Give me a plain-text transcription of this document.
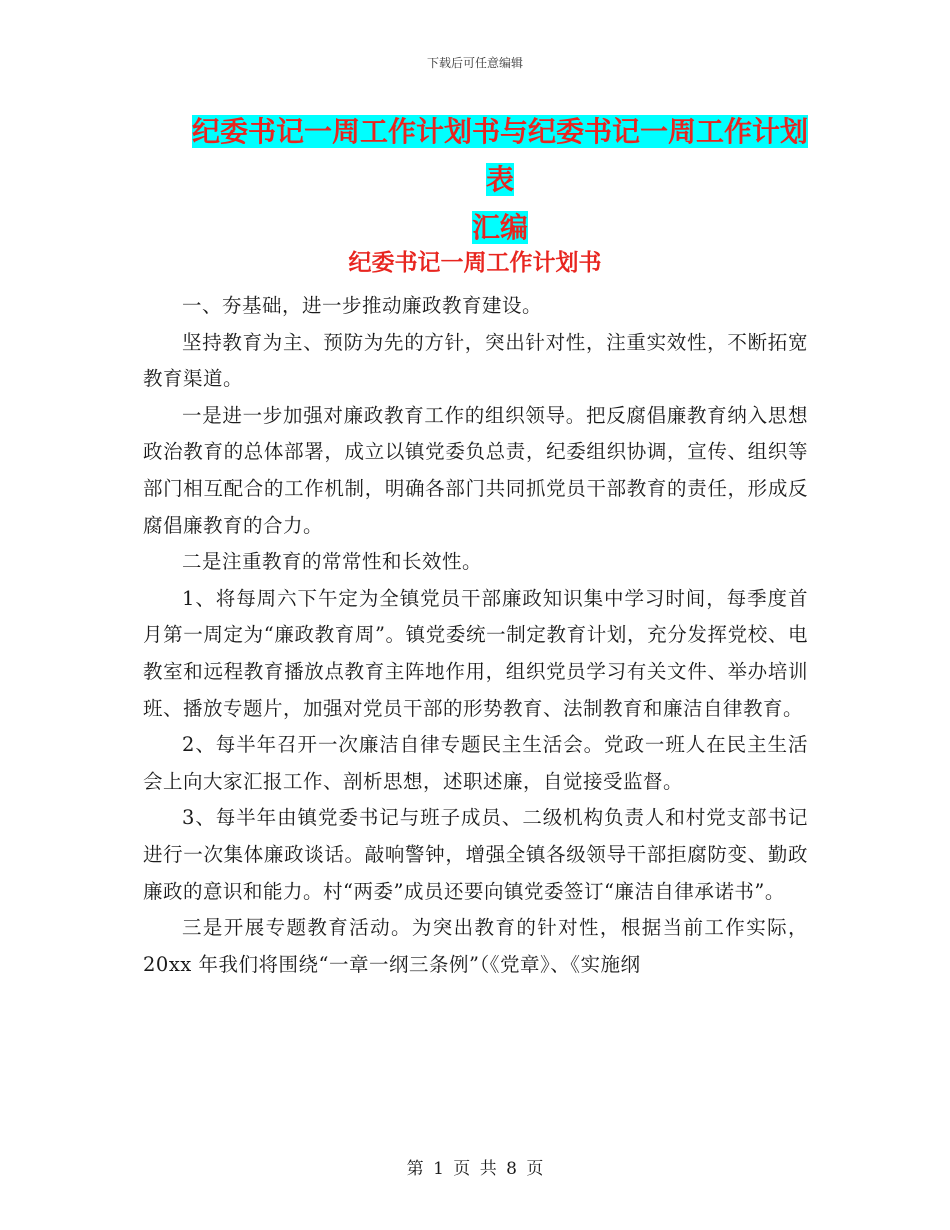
下载后可任意编辑
纪委书记一周工作计划书与纪委书记一周工作计划表
汇编
纪委书记一周工作计划书

一、夯基础，进一步推动廉政教育建设。

坚持教育为主、预防为先的方针，突出针对性，注重实效性，不断拓宽教育渠道。

一是进一步加强对廉政教育工作的组织领导。把反腐倡廉教育纳入思想政治教育的总体部署，成立以镇党委负总责，纪委组织协调，宣传、组织等部门相互配合的工作机制，明确各部门共同抓党员干部教育的责任，形成反腐倡廉教育的合力。

二是注重教育的常常性和长效性。

1、将每周六下午定为全镇党员干部廉政知识集中学习时间，每季度首月第一周定为“廉政教育周”。镇党委统一制定教育计划，充分发挥党校、电教室和远程教育播放点教育主阵地作用，组织党员学习有关文件、举办培训班、播放专题片，加强对党员干部的形势教育、法制教育和廉洁自律教育。

2、每半年召开一次廉洁自律专题民主生活会。党政一班人在民主生活会上向大家汇报工作、剖析思想，述职述廉，自觉接受监督。

3、每半年由镇党委书记与班子成员、二级机构负责人和村党支部书记进行一次集体廉政谈话。敲响警钟，增强全镇各级领导干部拒腐防变、勤政廉政的意识和能力。村“两委”成员还要向镇党委签订“廉洁自律承诺书”。

三是开展专题教育活动。为突出教育的针对性，根据当前工作实际， 20xx 年我们将围绕“一章一纲三条例”（《党章》、《实施纲

第 1 页 共 8 页
